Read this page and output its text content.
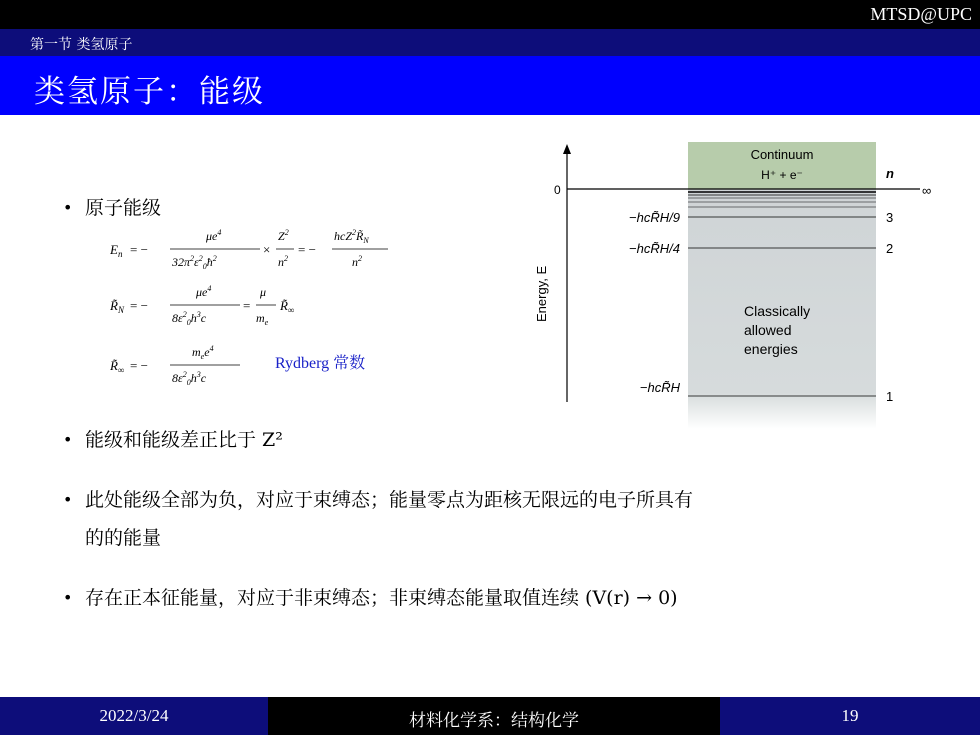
MTSD@UPC
第一节 类氢原子
类氢原子：能级
• 原子能级
$E_n$ = −
$\mu e^4$
$32\pi^2\varepsilon^2_0ħ^2$
×
$Z^2$
$n^2$
= −
$hcZ^2R̃_N$
$n^2$
$R̃_N$ = −
$\mu e^4$
$8\varepsilon^2_0h^3c$
=
μ
$m_e$
$R̃_\infty$
$R̃_\infty$ = −
$m_ee^4$
$8\varepsilon^2_0h^3c$
Rydberg 常数
Continuum
H⁺ + e⁻	n
∞
0
3
2
1
−hcR̃H/9
−hcR̃H/4
−hcR̃H
Classically
allowed
energies
Energy, E
• 能级和能级差正比于 Z²
• 此处能级全部为负，对应于束缚态；能量零点为距核无限远的电子所具有
的的能量
• 存在正本征能量，对应于非束缚态；非束缚态能量取值连续 (V(r) → 0)
2022/3/24	材料化学系：结构化学	19
